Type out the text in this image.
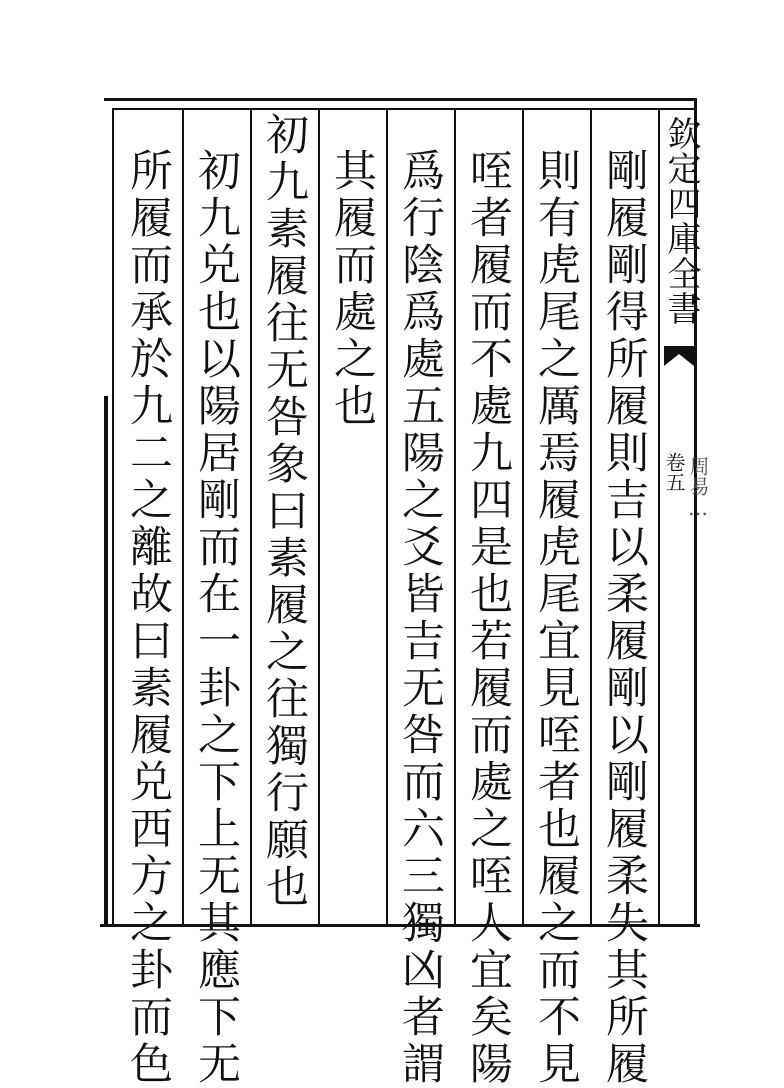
欽定四庫全書
卷五 周易…
剛履剛得所履則吉以柔履剛以剛履柔失其所履
則有虎尾之厲焉履虎尾宜見咥者也履之而不見
咥者履而不處九四是也若履而處之咥人宜矣陽
爲行陰爲處五陽之爻皆吉无咎而六三獨凶者謂
其履而處之也
初九素履往无咎象曰素履之往獨行願也
初九兑也以陽居剛而在一卦之下上无其應下无
所履而承於九二之離故曰素履兑西方之卦而色
